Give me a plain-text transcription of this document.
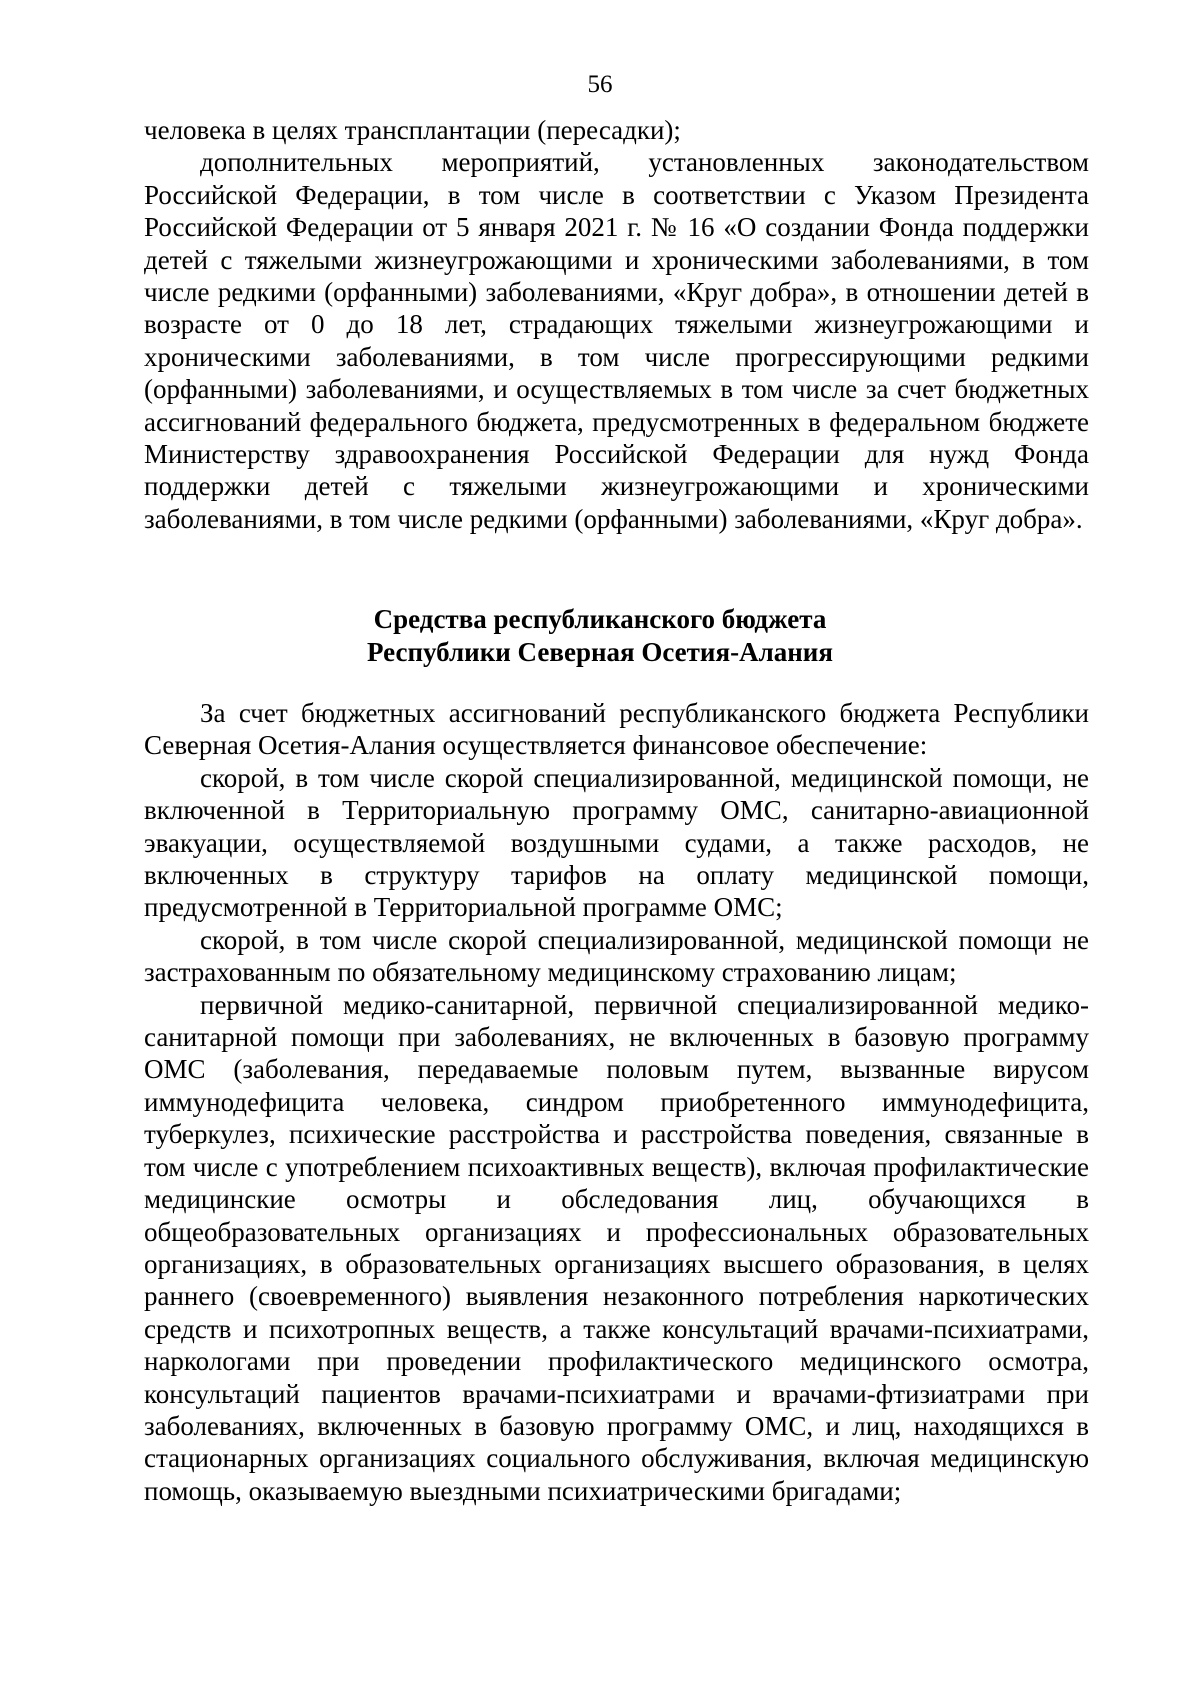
56

человека в целях трансплантации (пересадки);

дополнительных мероприятий, установленных законодательством Российской Федерации, в том числе в соответствии с Указом Президента Российской Федерации от 5 января 2021 г. № 16 «О создании Фонда поддержки детей с тяжелыми жизнеугрожающими и хроническими заболеваниями, в том числе редкими (орфанными) заболеваниями, «Круг добра», в отношении детей в возрасте от 0 до 18 лет, страдающих тяжелыми жизнеугрожающими и хроническими заболеваниями, в том числе прогрессирующими редкими (орфанными) заболеваниями, и осуществляемых в том числе за счет бюджетных ассигнований федерального бюджета, предусмотренных в федеральном бюджете Министерству здравоохранения Российской Федерации для нужд Фонда поддержки детей с тяжелыми жизнеугрожающими и хроническими заболеваниями, в том числе редкими (орфанными) заболеваниями, «Круг добра».

Средства республиканского бюджета
Республики Северная Осетия-Алания

За счет бюджетных ассигнований республиканского бюджета Республики Северная Осетия-Алания осуществляется финансовое обеспечение:

скорой, в том числе скорой специализированной, медицинской помощи, не включенной в Территориальную программу ОМС, санитарно-авиационной эвакуации, осуществляемой воздушными судами, а также расходов, не включенных в структуру тарифов на оплату медицинской помощи, предусмотренной в Территориальной программе ОМС;

скорой, в том числе скорой специализированной, медицинской помощи не застрахованным по обязательному медицинскому страхованию лицам;

первичной медико-санитарной, первичной специализированной медико-санитарной помощи при заболеваниях, не включенных в базовую программу ОМС (заболевания, передаваемые половым путем, вызванные вирусом иммунодефицита человека, синдром приобретенного иммунодефицита, туберкулез, психические расстройства и расстройства поведения, связанные в том числе с употреблением психоактивных веществ), включая профилактические медицинские осмотры и обследования лиц, обучающихся в общеобразовательных организациях и профессиональных образовательных организациях, в образовательных организациях высшего образования, в целях раннего (своевременного) выявления незаконного потребления наркотических средств и психотропных веществ, а также консультаций врачами-психиатрами, наркологами при проведении профилактического медицинского осмотра, консультаций пациентов врачами-психиатрами и врачами-фтизиатрами при заболеваниях, включенных в базовую программу ОМС, и лиц, находящихся в стационарных организациях социального обслуживания, включая медицинскую помощь, оказываемую выездными психиатрическими бригадами;
